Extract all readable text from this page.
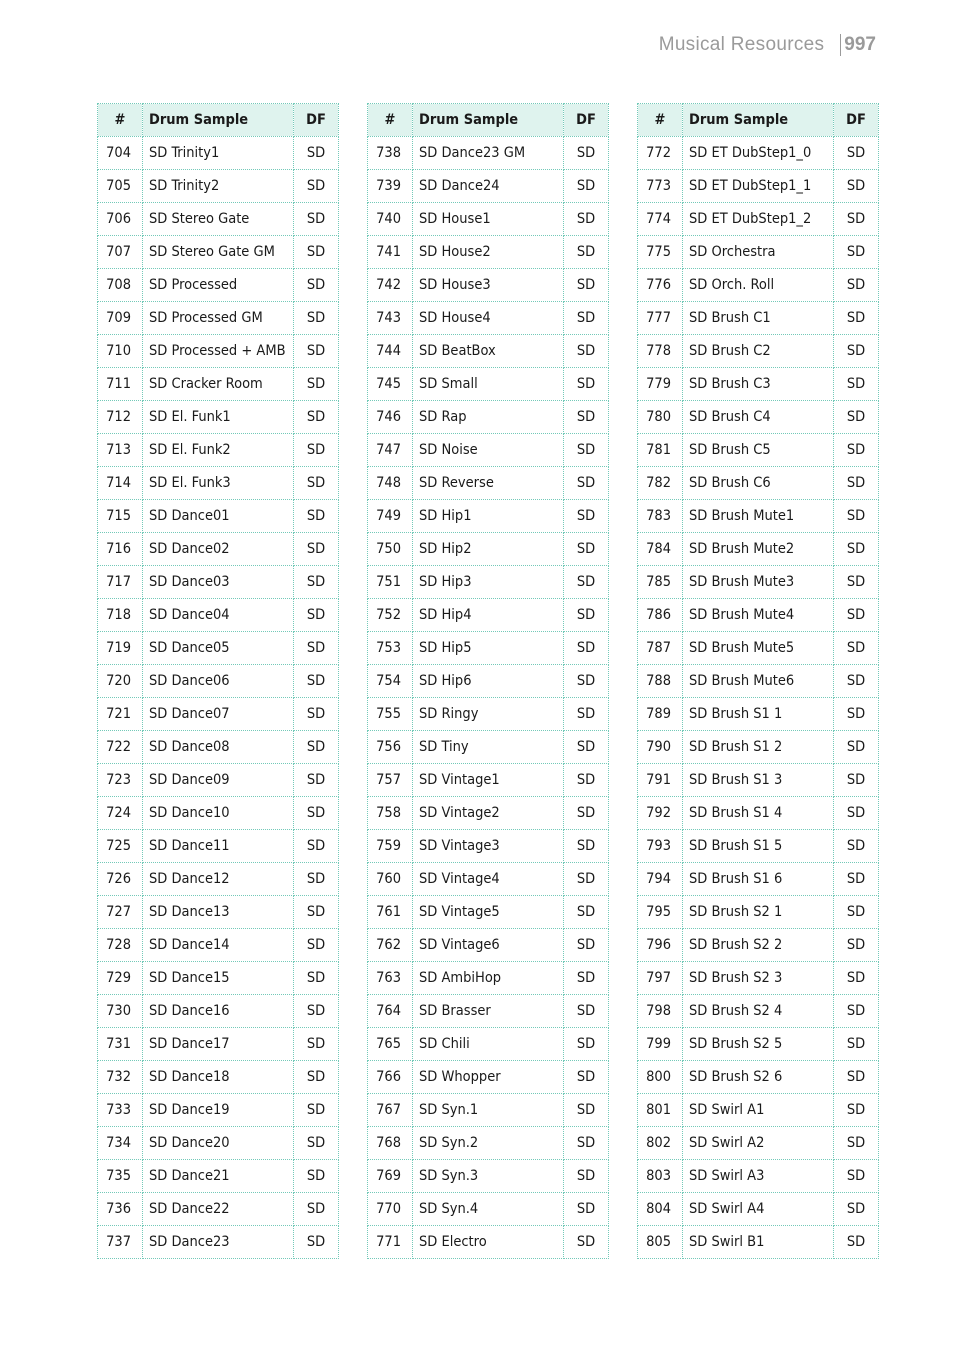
Musical Resources 997
#	Drum Sample	DF
704	SD Trinity1	SD
705	SD Trinity2	SD
706	SD Stereo Gate	SD
707	SD Stereo Gate GM	SD
708	SD Processed	SD
709	SD Processed GM	SD
710	SD Processed + AMB	SD
711	SD Cracker Room	SD
712	SD El. Funk1	SD
713	SD El. Funk2	SD
714	SD El. Funk3	SD
715	SD Dance01	SD
716	SD Dance02	SD
717	SD Dance03	SD
718	SD Dance04	SD
719	SD Dance05	SD
720	SD Dance06	SD
721	SD Dance07	SD
722	SD Dance08	SD
723	SD Dance09	SD
724	SD Dance10	SD
725	SD Dance11	SD
726	SD Dance12	SD
727	SD Dance13	SD
728	SD Dance14	SD
729	SD Dance15	SD
730	SD Dance16	SD
731	SD Dance17	SD
732	SD Dance18	SD
733	SD Dance19	SD
734	SD Dance20	SD
735	SD Dance21	SD
736	SD Dance22	SD
737	SD Dance23	SD
#	Drum Sample	DF
738	SD Dance23 GM	SD
739	SD Dance24	SD
740	SD House1	SD
741	SD House2	SD
742	SD House3	SD
743	SD House4	SD
744	SD BeatBox	SD
745	SD Small	SD
746	SD Rap	SD
747	SD Noise	SD
748	SD Reverse	SD
749	SD Hip1	SD
750	SD Hip2	SD
751	SD Hip3	SD
752	SD Hip4	SD
753	SD Hip5	SD
754	SD Hip6	SD
755	SD Ringy	SD
756	SD Tiny	SD
757	SD Vintage1	SD
758	SD Vintage2	SD
759	SD Vintage3	SD
760	SD Vintage4	SD
761	SD Vintage5	SD
762	SD Vintage6	SD
763	SD AmbiHop	SD
764	SD Brasser	SD
765	SD Chili	SD
766	SD Whopper	SD
767	SD Syn.1	SD
768	SD Syn.2	SD
769	SD Syn.3	SD
770	SD Syn.4	SD
771	SD Electro	SD
#	Drum Sample	DF
772	SD ET DubStep1_0	SD
773	SD ET DubStep1_1	SD
774	SD ET DubStep1_2	SD
775	SD Orchestra	SD
776	SD Orch. Roll	SD
777	SD Brush C1	SD
778	SD Brush C2	SD
779	SD Brush C3	SD
780	SD Brush C4	SD
781	SD Brush C5	SD
782	SD Brush C6	SD
783	SD Brush Mute1	SD
784	SD Brush Mute2	SD
785	SD Brush Mute3	SD
786	SD Brush Mute4	SD
787	SD Brush Mute5	SD
788	SD Brush Mute6	SD
789	SD Brush S1 1	SD
790	SD Brush S1 2	SD
791	SD Brush S1 3	SD
792	SD Brush S1 4	SD
793	SD Brush S1 5	SD
794	SD Brush S1 6	SD
795	SD Brush S2 1	SD
796	SD Brush S2 2	SD
797	SD Brush S2 3	SD
798	SD Brush S2 4	SD
799	SD Brush S2 5	SD
800	SD Brush S2 6	SD
801	SD Swirl A1	SD
802	SD Swirl A2	SD
803	SD Swirl A3	SD
804	SD Swirl A4	SD
805	SD Swirl B1	SD
